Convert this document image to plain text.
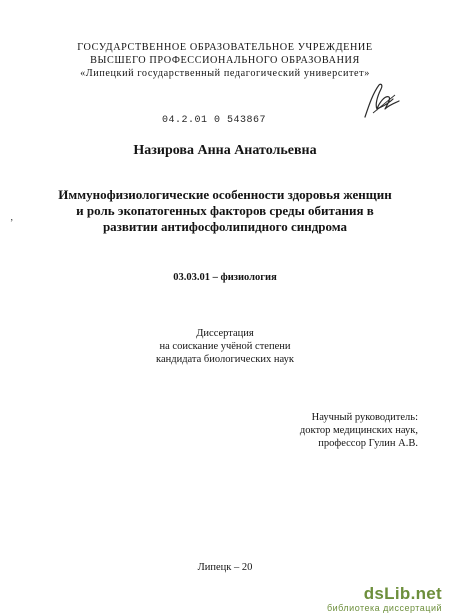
ГОСУДАРСТВЕННОЕ ОБРАЗОВАТЕЛЬНОЕ УЧРЕЖДЕНИЕ
ВЫСШЕГО ПРОФЕССИОНАЛЬНОГО ОБРАЗОВАНИЯ
«Липецкий государственный педагогический университет»
04.2.01 0 543867
Назирова Анна Анатольевна
Иммунофизиологические особенности здоровья женщин
и роль экопатогенных факторов среды обитания в
развитии антифосфолипидного синдрома
’
03.03.01 – физиология
Диссертация
на соискание учёной степени
кандидата биологических наук
Научный руководитель:
доктор медицинских наук,
профессор Гулин А.В.
Липецк – 20
dsLib.net
библиотека диссертаций
